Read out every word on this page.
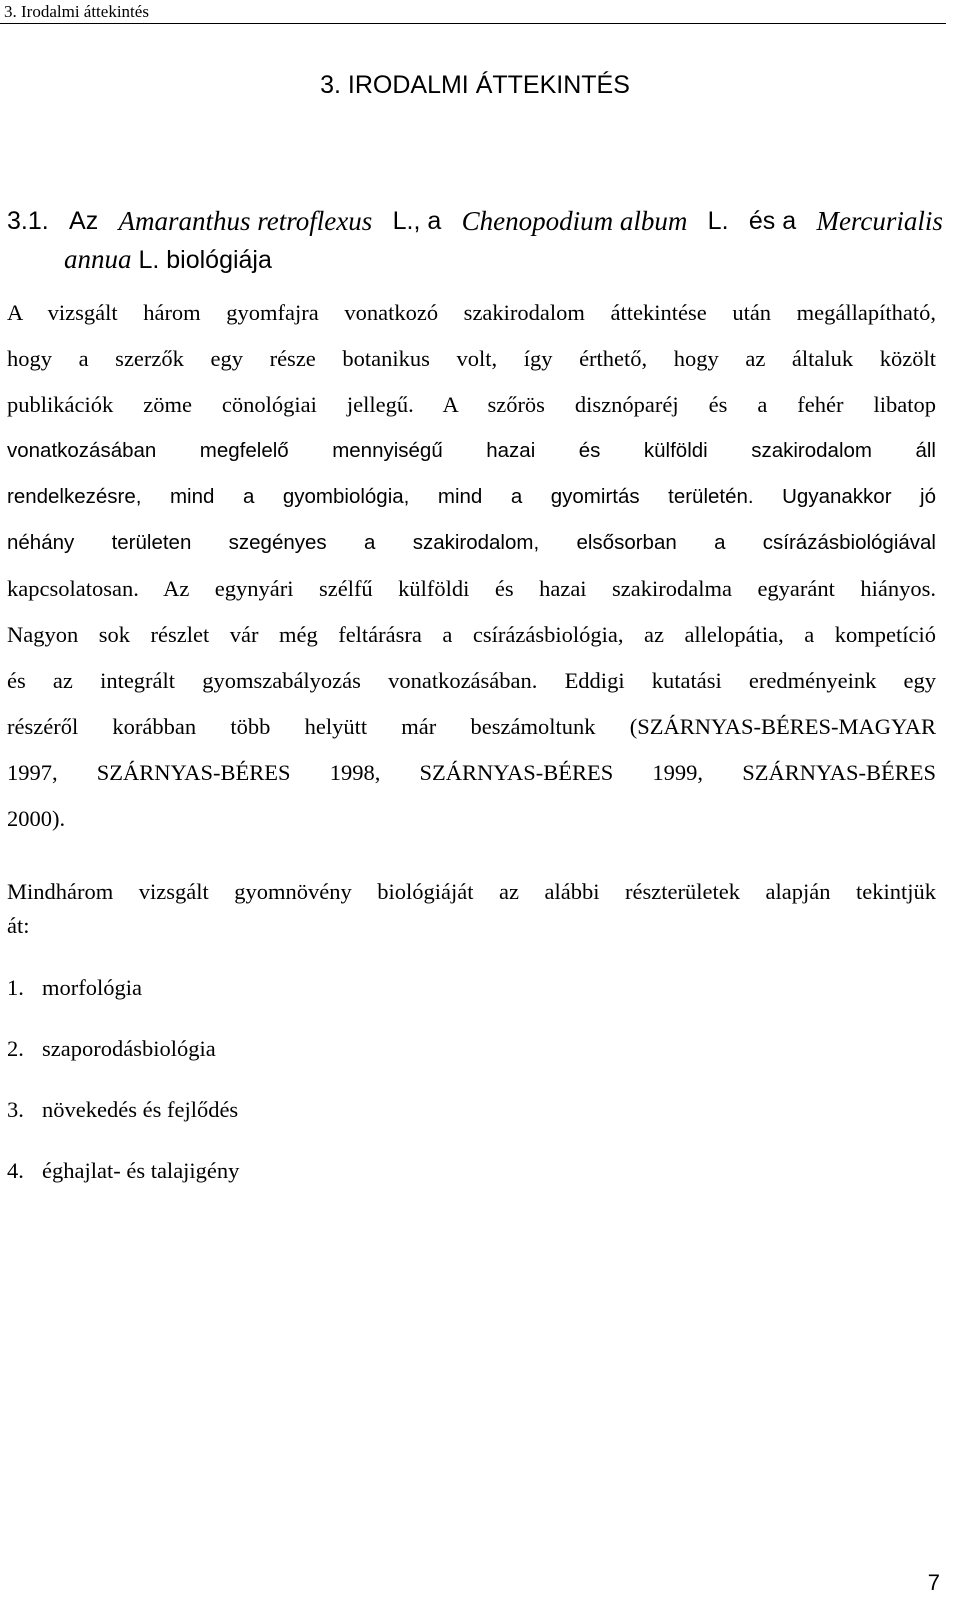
3. Irodalmi áttekintés
3. IRODALMI ÁTTEKINTÉS
3.1. Az Amaranthus retroflexus L., a Chenopodium album L. és a Mercurialis
annua L. biológiája
A vizsgált három gyomfajra vonatkozó szakirodalom áttekintése után megállapítható,
hogy a szerzők egy része botanikus volt, így érthető, hogy az általuk közölt
publikációk zöme cönológiai jellegű. A szőrös disznóparéj és a fehér libatop
vonatkozásában megfelelő mennyiségű hazai és külföldi szakirodalom áll
rendelkezésre, mind a gyombiológia, mind a gyomirtás területén. Ugyanakkor jó
néhány területen szegényes a szakirodalom, elsősorban a csírázásbiológiával
kapcsolatosan. Az egynyári szélfű külföldi és hazai szakirodalma egyaránt hiányos.
Nagyon sok részlet vár még feltárásra a csírázásbiológia, az allelopátia, a kompetíció
és az integrált gyomszabályozás vonatkozásában. Eddigi kutatási eredményeink egy
részéről korábban több helyütt már beszámoltunk (SZÁRNYAS-BÉRES-MAGYAR
1997, SZÁRNYAS-BÉRES 1998, SZÁRNYAS-BÉRES 1999, SZÁRNYAS-BÉRES
2000).
Mindhárom vizsgált gyomnövény biológiáját az alábbi részterületek alapján tekintjük
át:
1. morfológia
2. szaporodásbiológia
3. növekedés és fejlődés
4. éghajlat- és talajigény
7
